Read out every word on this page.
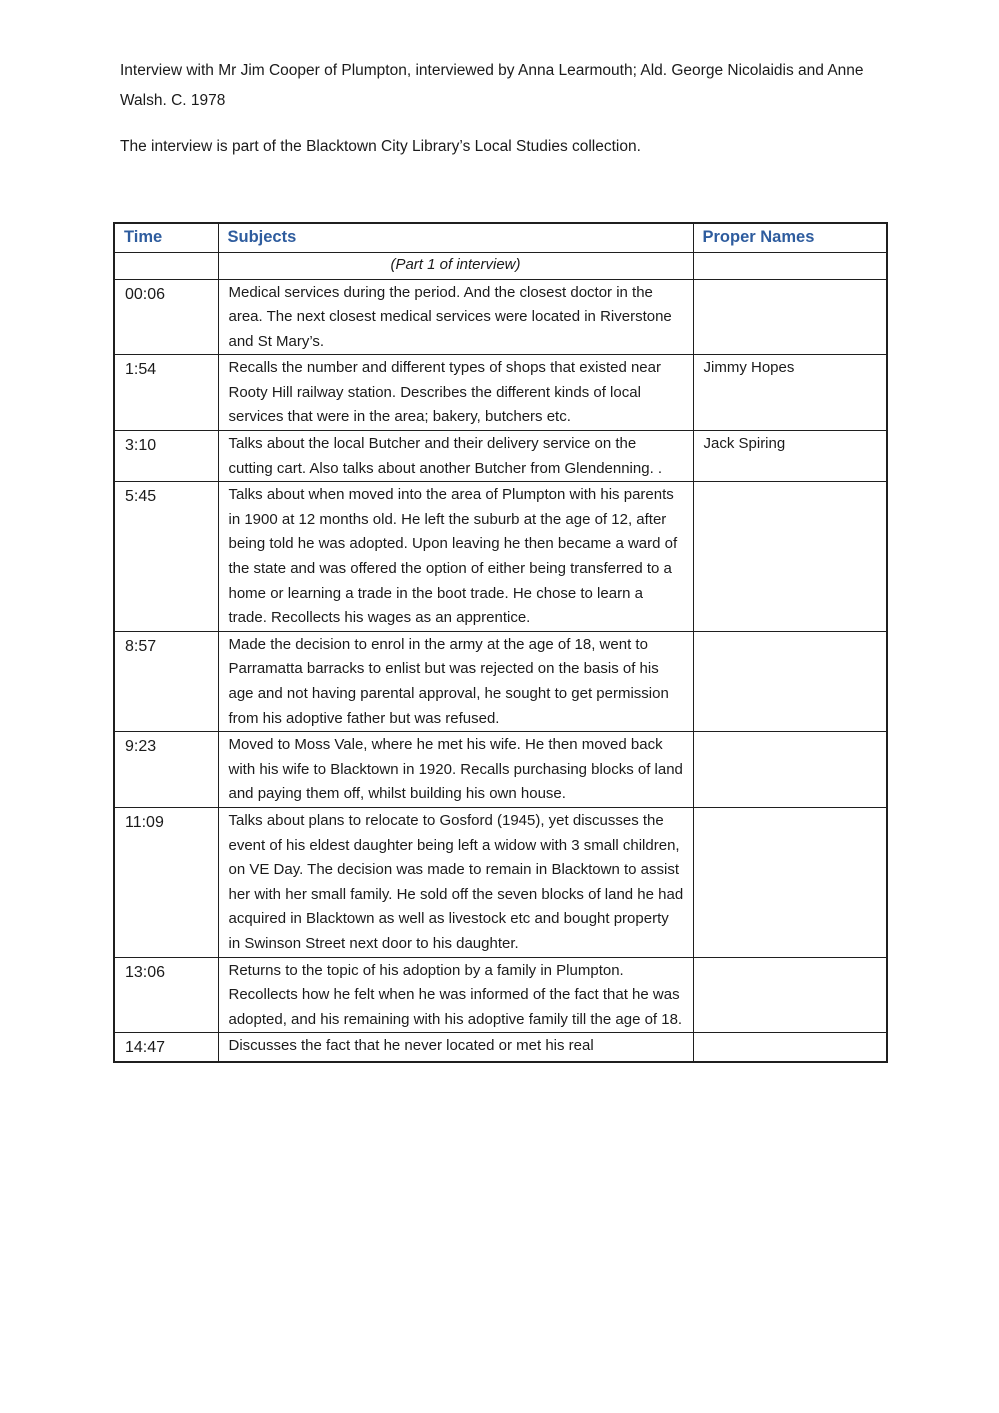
Interview with Mr Jim Cooper of Plumpton, interviewed by Anna Learmouth; Ald. George Nicolaidis and Anne Walsh. C. 1978

The interview is part of the Blacktown City Library’s Local Studies collection.

Time	Subjects	Proper Names
	(Part 1 of interview)	
00:06	Medical services during the period. And the closest doctor in the area. The next closest medical services were located in Riverstone and St Mary’s.	
1:54	Recalls the number and different types of shops that existed near Rooty Hill railway station. Describes the different kinds of local services that were in the area; bakery, butchers etc.	Jimmy Hopes
3:10	Talks about the local Butcher and their delivery service on the cutting cart. Also talks about another Butcher from Glendenning. .	Jack Spiring
5:45	Talks about when moved into the area of Plumpton with his parents in 1900 at 12 months old. He left the suburb at the age of 12, after being told he was adopted. Upon leaving he then became a ward of the state and was offered the option of either being transferred to a home or learning a trade in the boot trade. He chose to learn a trade. Recollects his wages as an apprentice.	
8:57	Made the decision to enrol in the army at the age of 18, went to Parramatta barracks to enlist but was rejected on the basis of his age and not having parental approval, he sought to get permission from his adoptive father but was refused.	
9:23	Moved to Moss Vale, where he met his wife. He then moved back with his wife to Blacktown in 1920. Recalls purchasing blocks of land and paying them off, whilst building his own house.	
11:09	Talks about plans to relocate to Gosford (1945), yet discusses the event of his eldest daughter being left a widow with 3 small children, on VE Day. The decision was made to remain in Blacktown to assist her with her small family. He sold off the seven blocks of land he had acquired in Blacktown as well as livestock etc and bought property in Swinson Street next door to his daughter.	
13:06	Returns to the topic of his adoption by a family in Plumpton. Recollects how he felt when he was informed of the fact that he was adopted, and his remaining with his adoptive family till the age of 18.	
14:47	Discusses the fact that he never located or met his real	
